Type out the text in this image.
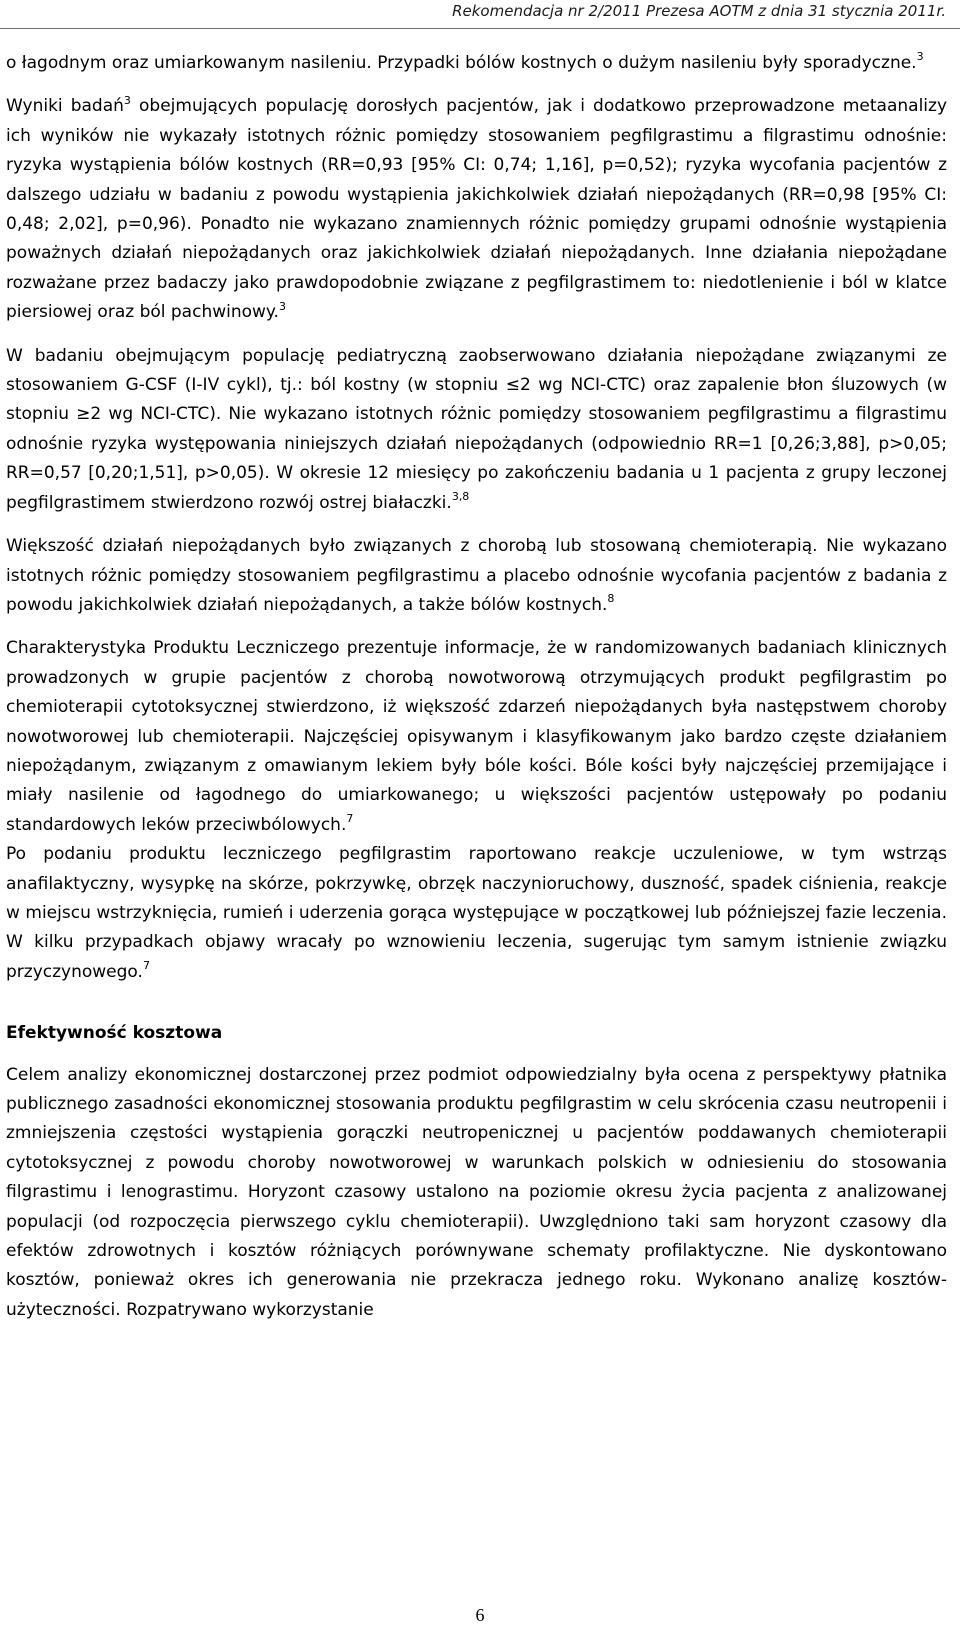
Rekomendacja nr 2/2011 Prezesa AOTM z dnia 31 stycznia 2011r.

o łagodnym oraz umiarkowanym nasileniu. Przypadki bólów kostnych o dużym nasileniu były sporadyczne.$^3$

Wyniki badań$^3$ obejmujących populację dorosłych pacjentów, jak i dodatkowo przeprowadzone metaanalizy ich wyników nie wykazały istotnych różnic pomiędzy stosowaniem pegfilgrastimu a filgrastimu odnośnie: ryzyka wystąpienia bólów kostnych (RR=0,93 [95% CI: 0,74; 1,16], p=0,52); ryzyka wycofania pacjentów z dalszego udziału w badaniu z powodu wystąpienia jakichkolwiek działań niepożądanych (RR=0,98 [95% CI: 0,48; 2,02], p=0,96). Ponadto nie wykazano znamiennych różnic pomiędzy grupami odnośnie wystąpienia poważnych działań niepożądanych oraz jakichkolwiek działań niepożądanych. Inne działania niepożądane rozważane przez badaczy jako prawdopodobnie związane z pegfilgrastimem to: niedotlenienie i ból w klatce piersiowej oraz ból pachwinowy.$^3$

W badaniu obejmującym populację pediatryczną zaobserwowano działania niepożądane związanymi ze stosowaniem G-CSF (I-IV cykl), tj.: ból kostny (w stopniu ≤2 wg NCI-CTC) oraz zapalenie błon śluzowych (w stopniu ≥2 wg NCI-CTC). Nie wykazano istotnych różnic pomiędzy stosowaniem pegfilgrastimu a filgrastimu odnośnie ryzyka występowania niniejszych działań niepożądanych (odpowiednio RR=1 [0,26;3,88], p>0,05; RR=0,57 [0,20;1,51], p>0,05). W okresie 12 miesięcy po zakończeniu badania u 1 pacjenta z grupy leczonej pegfilgrastimem stwierdzono rozwój ostrej białaczki.$^{3,8}$

Większość działań niepożądanych było związanych z chorobą lub stosowaną chemioterapią. Nie wykazano istotnych różnic pomiędzy stosowaniem pegfilgrastimu a placebo odnośnie wycofania pacjentów z badania z powodu jakichkolwiek działań niepożądanych, a także bólów kostnych.$^8$

Charakterystyka Produktu Leczniczego prezentuje informacje, że w randomizowanych badaniach klinicznych prowadzonych w grupie pacjentów z chorobą nowotworową otrzymujących produkt pegfilgrastim po chemioterapii cytotoksycznej stwierdzono, iż większość zdarzeń niepożądanych była następstwem choroby nowotworowej lub chemioterapii. Najczęściej opisywanym i klasyfikowanym jako bardzo częste działaniem niepożądanym, związanym z omawianym lekiem były bóle kości. Bóle kości były najczęściej przemijające i miały nasilenie od łagodnego do umiarkowanego; u większości pacjentów ustępowały po podaniu standardowych leków przeciwbólowych.$^7$

Po podaniu produktu leczniczego pegfilgrastim raportowano reakcje uczuleniowe, w tym wstrząs anafilaktyczny, wysypkę na skórze, pokrzywkę, obrzęk naczynioruchowy, duszność, spadek ciśnienia, reakcje w miejscu wstrzyknięcia, rumień i uderzenia gorąca występujące w początkowej lub późniejszej fazie leczenia. W kilku przypadkach objawy wracały po wznowieniu leczenia, sugerując tym samym istnienie związku przyczynowego.$^7$

Efektywność kosztowa

Celem analizy ekonomicznej dostarczonej przez podmiot odpowiedzialny była ocena z perspektywy płatnika publicznego zasadności ekonomicznej stosowania produktu pegfilgrastim w celu skrócenia czasu neutropenii i zmniejszenia częstości wystąpienia gorączki neutropenicznej u pacjentów poddawanych chemioterapii cytotoksycznej z powodu choroby nowotworowej w warunkach polskich w odniesieniu do stosowania filgrastimu i lenograstimu. Horyzont czasowy ustalono na poziomie okresu życia pacjenta z analizowanej populacji (od rozpoczęcia pierwszego cyklu chemioterapii). Uwzględniono taki sam horyzont czasowy dla efektów zdrowotnych i kosztów różniących porównywane schematy profilaktyczne. Nie dyskontowano kosztów, ponieważ okres ich generowania nie przekracza jednego roku. Wykonano analizę kosztów-użyteczności. Rozpatrywano wykorzystanie

6
